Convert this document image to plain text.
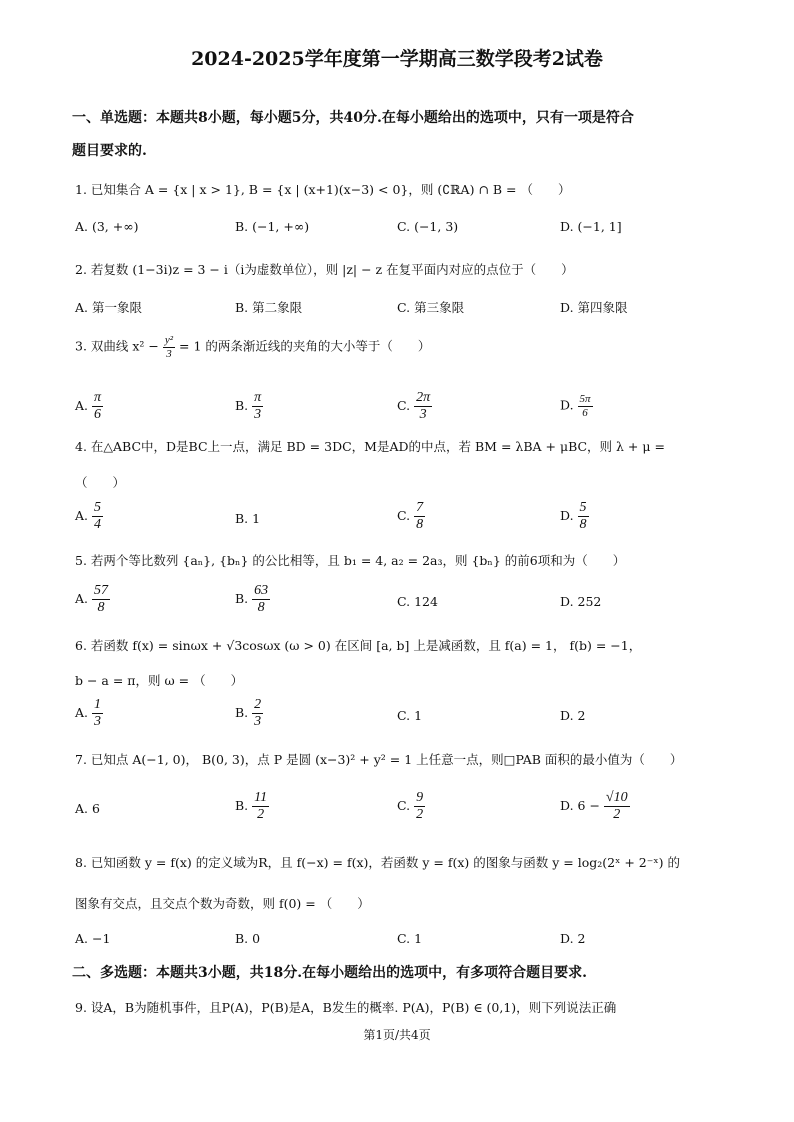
2024-2025学年度第一学期高三数学段考2试卷
一、单选题：本题共8小题，每小题5分，共40分.在每小题给出的选项中，只有一项是符合
题目要求的.
1. 已知集合 A = {x | x > 1}, B = {x | (x+1)(x−3) < 0}，则 (∁ℝA) ∩ B = （　　）
A. (3, +∞)	B. (−1, +∞)	C. (−1, 3)	D. (−1, 1]
2. 若复数 (1−3i)z = 3 − i（i为虚数单位），则 |z| − z 在复平面内对应的点位于（　　）
A. 第一象限	B. 第二象限	C. 第三象限	D. 第四象限
3. 双曲线 $x^2 - \frac{\text{y²}}{3} = 1$ 的两条渐近线的夹角的大小等于（　　）
A. $\frac{\pi}{6}$	B. $\frac{\pi}{3}$	C. $\frac{2\pi}{3}$	D. $\frac{5\pi}{6}$
4. 在△ABC中，D是BC上一点，满足 BD = 3DC，M是AD的中点，若 BM = λBA + μBC，则 λ + μ =
（　　）
A. $\frac{5}{4}$	B. 1	C. $\frac{7}{8}$	D. $\frac{5}{8}$
5. 若两个等比数列 {aₙ}, {bₙ} 的公比相等，且 b₁ = 4, a₂ = 2a₃，则 {bₙ} 的前6项和为（　　）
A. $\frac{57}{8}$	B. $\frac{63}{8}$	C. 124	D. 252
6. 若函数 f(x) = sinωx + √3cosωx (ω > 0) 在区间 [a, b] 上是减函数，且 f(a) = 1， f(b) = −1，
b − a = π，则 ω = （　　）
A. $\frac{1}{3}$	B. $\frac{2}{3}$	C. 1	D. 2
7. 已知点 A(−1, 0)， B(0, 3)，点 P 是圆 (x−3)² + y² = 1 上任意一点，则□PAB 面积的最小值为（　　）
A. 6	B. $\frac{11}{2}$	C. $\frac{9}{2}$	D. $6 - \frac{√10}{2}$
8. 已知函数 y = f(x) 的定义域为R，且 f(−x) = f(x)，若函数 y = f(x) 的图象与函数 y = log₂(2ˣ + 2⁻ˣ) 的
图象有交点，且交点个数为奇数，则 f(0) = （　　）
A. −1	B. 0	C. 1	D. 2
二、多选题：本题共3小题，共18分.在每小题给出的选项中，有多项符合题目要求.
9. 设A，B为随机事件，且P(A)，P(B)是A，B发生的概率. P(A)，P(B) ∈ (0,1)，则下列说法正确
第1页/共4页
